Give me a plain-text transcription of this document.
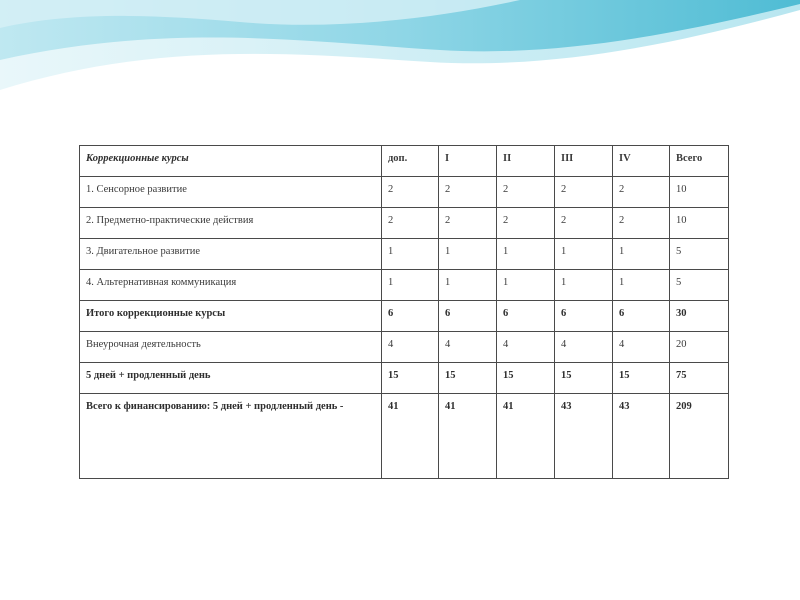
Коррекционные курсы	доп.	I	II	III	IV	Всего
1. Сенсорное развитие	2	2	2	2	2	10
2. Предметно-практические действия	2	2	2	2	2	10
3. Двигательное развитие	1	1	1	1	1	5
4. Альтернативная коммуникация	1	1	1	1	1	5
Итого коррекционные курсы	6	6	6	6	6	30
Внеурочная деятельность	4	4	4	4	4	20
5 дней + продленный день	15	15	15	15	15	75
Всего к финансированию: 5 дней + продленный день -	41	41	41	43	43	209
